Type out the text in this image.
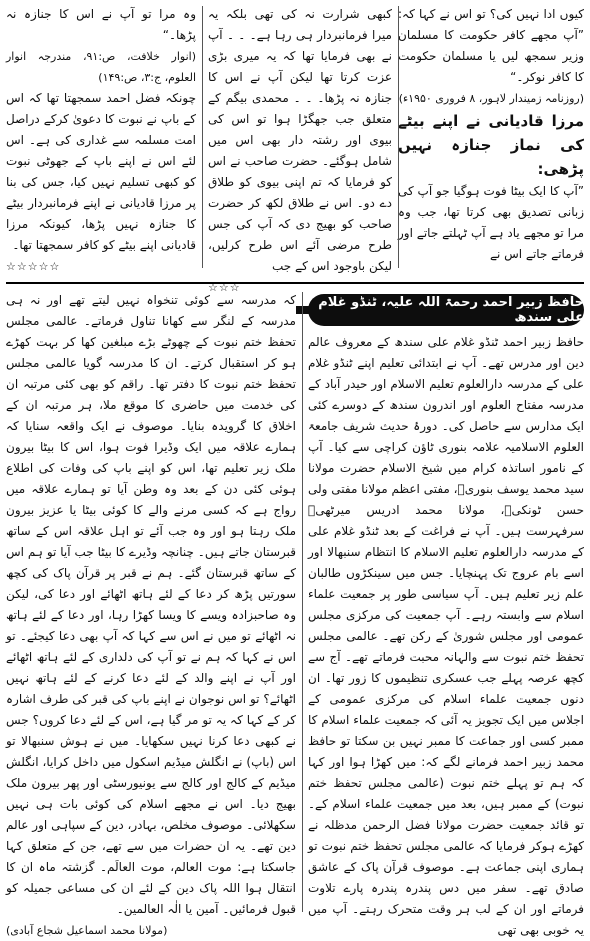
کیوں ادا نہیں کی؟ تو اس نے کہا کہ: ”آپ مجھے کافر حکومت کا مسلمان وزیر سمجھ لیں یا مسلمان حکومت کا کافر نوکر۔“

(روزنامہ زمیندار لاہور، ۸ فروری ۱۹۵۰ء)

مرزا قادیانی نے اپنے بیٹے کی نماز جنازہ نہیں پڑھی:

”آپ کا ایک بیٹا فوت ہوگیا جو آپ کی زبانی تصدیق بھی کرتا تھا، جب وہ مرا تو مجھے یاد ہے آپ ٹہلتے جاتے اور فرماتے جاتے اس نے

کبھی شرارت نہ کی تھی بلکہ یہ میرا فرمانبردار ہی رہا ہے۔ ۔ ۔ آپ نے بھی فرمایا تھا کہ یہ میری بڑی عزت کرتا تھا لیکن آپ نے اس کا جنازہ نہ پڑھا۔ ۔ ۔ محمدی بیگم کے متعلق جب جھگڑا ہوا تو اس کی بیوی اور رشتہ دار بھی اس میں شامل ہوگئے۔ حضرت صاحب نے اس کو فرمایا کہ تم اپنی بیوی کو طلاق دے دو۔ اس نے طلاق لکھ کر حضرت صاحب کو بھیج دی کہ آپ کی جس طرح مرضی آئے اس طرح کرلیں، لیکن باوجود اس کے جب

☆☆☆

وہ مرا تو آپ نے اس کا جنازہ نہ پڑھا۔“

(انوار خلافت، ص:۹۱، مندرجہ انوار العلوم، ج:۳، ص:۱۴۹)

چونکہ فضل احمد سمجھتا تھا کہ اس کے باپ نے نبوت کا دعویٰ کرکے دراصل امت مسلمہ سے غداری کی ہے۔ اس لئے اس نے اپنے باپ کے جھوٹی نبوت کو کبھی تسلیم نہیں کیا، جس کی بنا پر مرزا قادیانی نے اپنے فرمانبردار بیٹے کا جنازہ نہیں پڑھا، کیونکہ مرزا قادیانی اپنے بیٹے کو کافر سمجھتا تھا۔

☆☆☆☆☆

حافظ زبیر احمد رحمۃ اللہ علیہ، ٹنڈو غلام علی سندھ

حافظ زبیر احمد ٹنڈو غلام علی سندھ کے معروف عالم دین اور مدرس تھے۔ آپ نے ابتدائی تعلیم اپنے ٹنڈو غلام علی کے مدرسہ دارالعلوم تعلیم الاسلام اور حیدر آباد کے مدرسہ مفتاح العلوم اور اندرون سندھ کے دوسرے کئی ایک مدارس سے حاصل کی۔ دورۂ حدیث شریف جامعۃ العلوم الاسلامیہ علامہ بنوری ٹاؤن کراچی سے کیا۔ آپ کے نامور اساتذہ کرام میں شیخ الاسلام حضرت مولانا سید محمد یوسف بنوریؒ، مفتی اعظم مولانا مفتی ولی حسن ٹونکیؒ، مولانا محمد ادریس میرٹھیؒ سرفہرست ہیں۔ آپ نے فراغت کے بعد ٹنڈو غلام علی کے مدرسہ دارالعلوم تعلیم الاسلام کا انتظام سنبھالا اور اسے بام عروج تک پہنچایا۔ جس میں سینکڑوں طالبان علم زیر تعلیم ہیں۔ آپ سیاسی طور پر جمعیت علماء اسلام سے وابستہ رہے۔ آپ جمعیت کی مرکزی مجلس عمومی اور مجلس شوریٰ کے رکن تھے۔ عالمی مجلس تحفظ ختم نبوت سے والہانہ محبت فرماتے تھے۔ آج سے کچھ عرصہ پہلے جب عسکری تنظیموں کا زور تھا۔ ان دنوں جمعیت علماء اسلام کی مرکزی عمومی کے اجلاس میں ایک تجویز یہ آئی کہ جمعیت علماء اسلام کا ممبر کسی اور جماعت کا ممبر نہیں بن سکتا تو حافظ محمد زبیر احمد فرمانے لگے کہ: میں کھڑا ہوا اور کہا کہ ہم تو پہلے ختم نبوت (عالمی مجلس تحفظ ختم نبوت) کے ممبر ہیں، بعد میں جمعیت علماء اسلام کے۔ تو قائد جمعیت حضرت مولانا فضل الرحمن مدظلہ نے کھڑے ہوکر فرمایا کہ عالمی مجلس تحفظ ختم نبوت تو ہماری اپنی جماعت ہے۔ موصوف قرآن پاک کے عاشق صادق تھے۔ سفر میں دس پندرہ پندرہ پارے تلاوت فرماتے اور ان کے لب ہر وقت متحرک رہتے۔ آپ میں یہ خوبی بھی تھی

کہ مدرسہ سے کوئی تنخواہ نہیں لیتے تھے اور نہ ہی مدرسہ کے لنگر سے کھانا تناول فرماتے۔ عالمی مجلس تحفظ ختم نبوت کے چھوٹے بڑے مبلغین کھا کر بہت کھڑے ہو کر استقبال کرتے۔ ان کا مدرسہ گویا عالمی مجلس تحفظ ختم نبوت کا دفتر تھا۔ راقم کو بھی کئی مرتبہ ان کی خدمت میں حاضری کا موقع ملا، ہر مرتبہ ان کے اخلاق کا گرویدہ بنایا۔ موصوف نے ایک واقعہ سنایا کہ ہمارے علاقہ میں ایک وڈیرا فوت ہوا، اس کا بیٹا بیرون ملک زیر تعلیم تھا، اس کو اپنے باپ کی وفات کی اطلاع ہوئی کئی دن کے بعد وہ وطن آیا تو ہمارے علاقہ میں رواج ہے کہ کسی مرنے والے کا کوئی بیٹا یا عزیز بیرون ملک رہتا ہو اور وہ جب آئے تو اہل علاقہ اس کے ساتھ قبرستان جاتے ہیں۔ چنانچہ وڈیرے کا بیٹا جب آیا تو ہم اس کے ساتھ قبرستان گئے۔ ہم نے قبر پر قرآن پاک کی کچھ سورتیں پڑھ کر دعا کے لئے ہاتھ اٹھائے اور دعا کی، لیکن وہ صاحبزادہ ویسے کا ویسا کھڑا رہا، اور دعا کے لئے ہاتھ نہ اٹھائے تو میں نے اس سے کہا کہ آپ بھی دعا کیجئے۔ تو اس نے کہا کہ ہم نے تو آپ کی دلداری کے لئے ہاتھ اٹھائے اور آپ نے اپنے والد کے لئے دعا کرنے کے لئے ہاتھ نہیں اٹھائے؟ تو اس نوجوان نے اپنے باپ کی قبر کی طرف اشارہ کر کے کہا کہ یہ تو مر گیا ہے، اس کے لئے دعا کروں؟ جس نے کبھی دعا کرنا نہیں سکھایا۔ میں نے ہوش سنبھالا تو اس (باپ) نے انگلش میڈیم اسکول میں داخل کرایا، انگلش میڈیم کے کالج اور کالج سے یونیورسٹی اور پھر بیرون ملک بھیج دیا۔ اس نے مجھے اسلام کی کوئی بات ہی نہیں سکھلائی۔ موصوف مخلص، بہادر، دین کے سپاہی اور عالم دین تھے۔ یہ ان حضرات میں سے تھے، جن کے متعلق کہا جاسکتا ہے: موت العالم، موت العالَم۔ گزشتہ ماہ ان کا انتقال ہوا اللہ پاک دین کے لئے ان کی مساعی جمیلہ کو قبول فرمائیں۔ آمین یا الٰہ العالمین۔

(مولانا محمد اسماعیل شجاع آبادی)
